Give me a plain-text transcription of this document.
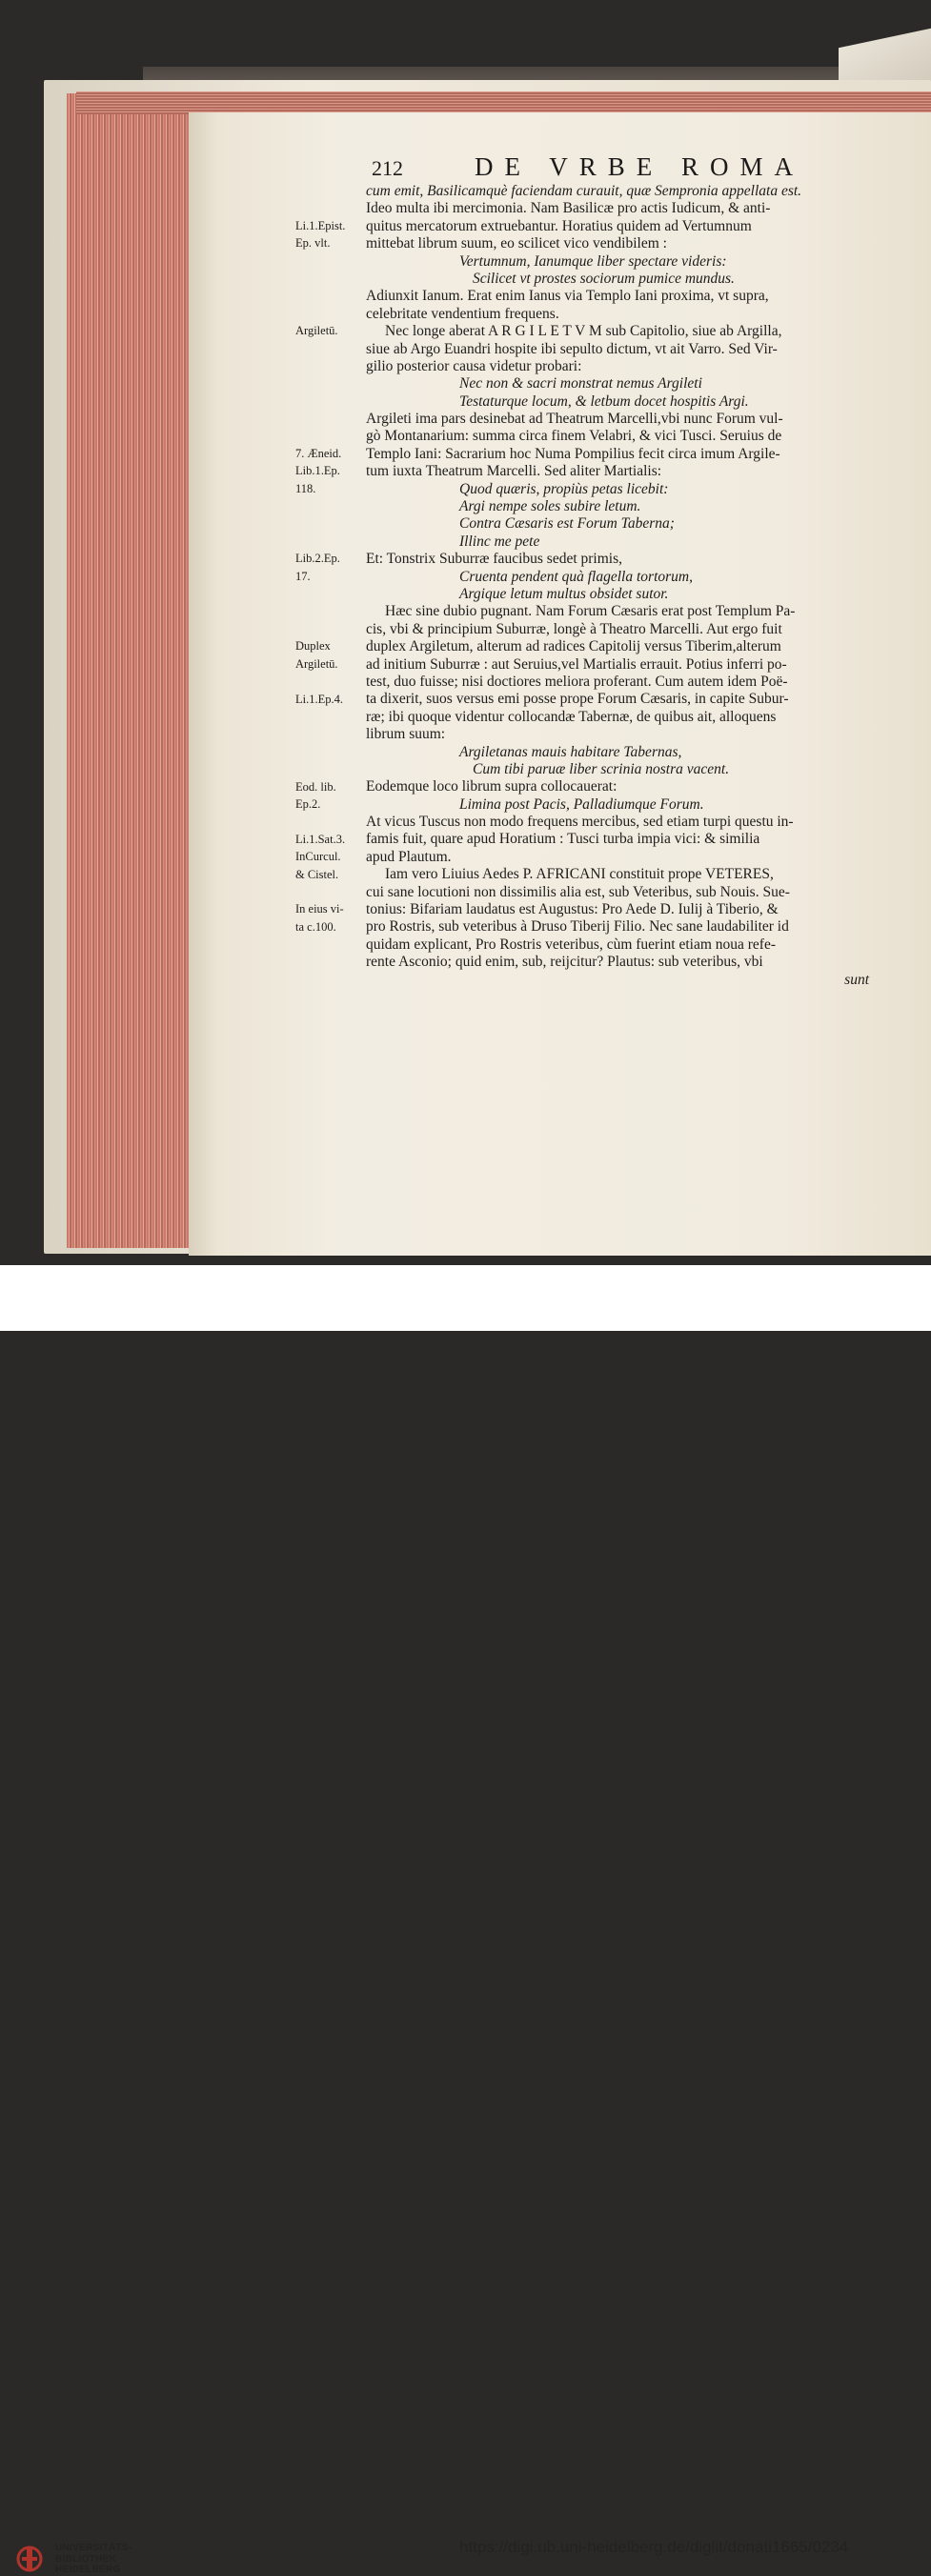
212	DE VRBE ROMA
cum emit, Basilicamquè faciendam curauit, quæ Sempronia appellata est.
Ideo multa ibi mercimonia. Nam Basilicæ pro actis Iudicum, & anti-
quitus mercatorum extruebantur. Horatius quidem ad Vertumnum
mittebat librum suum, eo scilicet vico vendibilem :
Vertumnum, Ianumque liber spectare videris:
Scilicet vt prostes sociorum pumice mundus.
Adiunxit Ianum. Erat enim Ianus via Templo Iani proxima, vt supra,
celebritate vendentium frequens.
Nec longe aberat A R G I L E T V M sub Capitolio, siue ab Argilla,
siue ab Argo Euandri hospite ibi sepulto dictum, vt ait Varro. Sed Vir-
gilio posterior causa videtur probari:
Nec non & sacri monstrat nemus Argileti
Testaturque locum, & letbum docet hospitis Argi.
Argileti ima pars desinebat ad Theatrum Marcelli,vbi nunc Forum vul-
gò Montanarium: summa circa finem Velabri, & vici Tusci. Seruius de
Templo Iani: Sacrarium hoc Numa Pompilius fecit circa imum Argile-
tum iuxta Theatrum Marcelli. Sed aliter Martialis:
Quod quæris, propiùs petas licebit:
Argi nempe soles subire letum.
Contra Cæsaris est Forum Taberna;
Illinc me pete
Et: Tonstrix Suburræ faucibus sedet primis,
Cruenta pendent quà flagella tortorum,
Argique letum multus obsidet sutor.
Hæc sine dubio pugnant. Nam Forum Cæsaris erat post Templum Pa-
cis, vbi & principium Suburræ, longè à Theatro Marcelli. Aut ergo fuit
duplex Argiletum, alterum ad radices Capitolij versus Tiberim,alterum
ad initium Suburræ : aut Seruius,vel Martialis errauit. Potius inferri po-
test, duo fuisse; nisi doctiores meliora proferant. Cum autem idem Poë-
ta dixerit, suos versus emi posse prope Forum Cæsaris, in capite Subur-
ræ; ibi quoque videntur collocandæ Tabernæ, de quibus ait, alloquens
librum suum:
Argiletanas mauis habitare Tabernas,
Cum tibi paruæ liber scrinia nostra vacent.
Eodemque loco librum supra collocauerat:
Limina post Pacis, Palladiumque Forum.
At vicus Tuscus non modo frequens mercibus, sed etiam turpi questu in-
famis fuit, quare apud Horatium : Tusci turba impia vici: & similia
apud Plautum.
Iam vero Liuius Aedes P. AFRICANI constituit prope VETERES,
cui sane locutioni non dissimilis alia est, sub Veteribus, sub Nouis. Sue-
tonius: Bifariam laudatus est Augustus: Pro Aede D. Iulij à Tiberio, &
pro Rostris, sub veteribus à Druso Tiberij Filio. Nec sane laudabiliter id
quidam explicant, Pro Rostris veteribus, cùm fuerint etiam noua refe-
rente Asconio; quid enim, sub, reijcitur? Plautus: sub veteribus, vbi
sunt
Li.1.Epist.
Ep. vlt.
Argiletū.
7. Æneid.
Lib.1.Ep.
118.
Lib.2.Ep.
17.
Duplex
Argiletū.
Li.1.Ep.4.
Eod. lib.
Ep.2.
Li.1.Sat.3.
InCurcul.
& Cistel.
In eius vi-
ta c.100.
UNIVERSITÄTS-
BIBLIOTHEK
HEIDELBERG
https://digi.ub.uni-heidelberg.de/diglit/donati1665/0234
